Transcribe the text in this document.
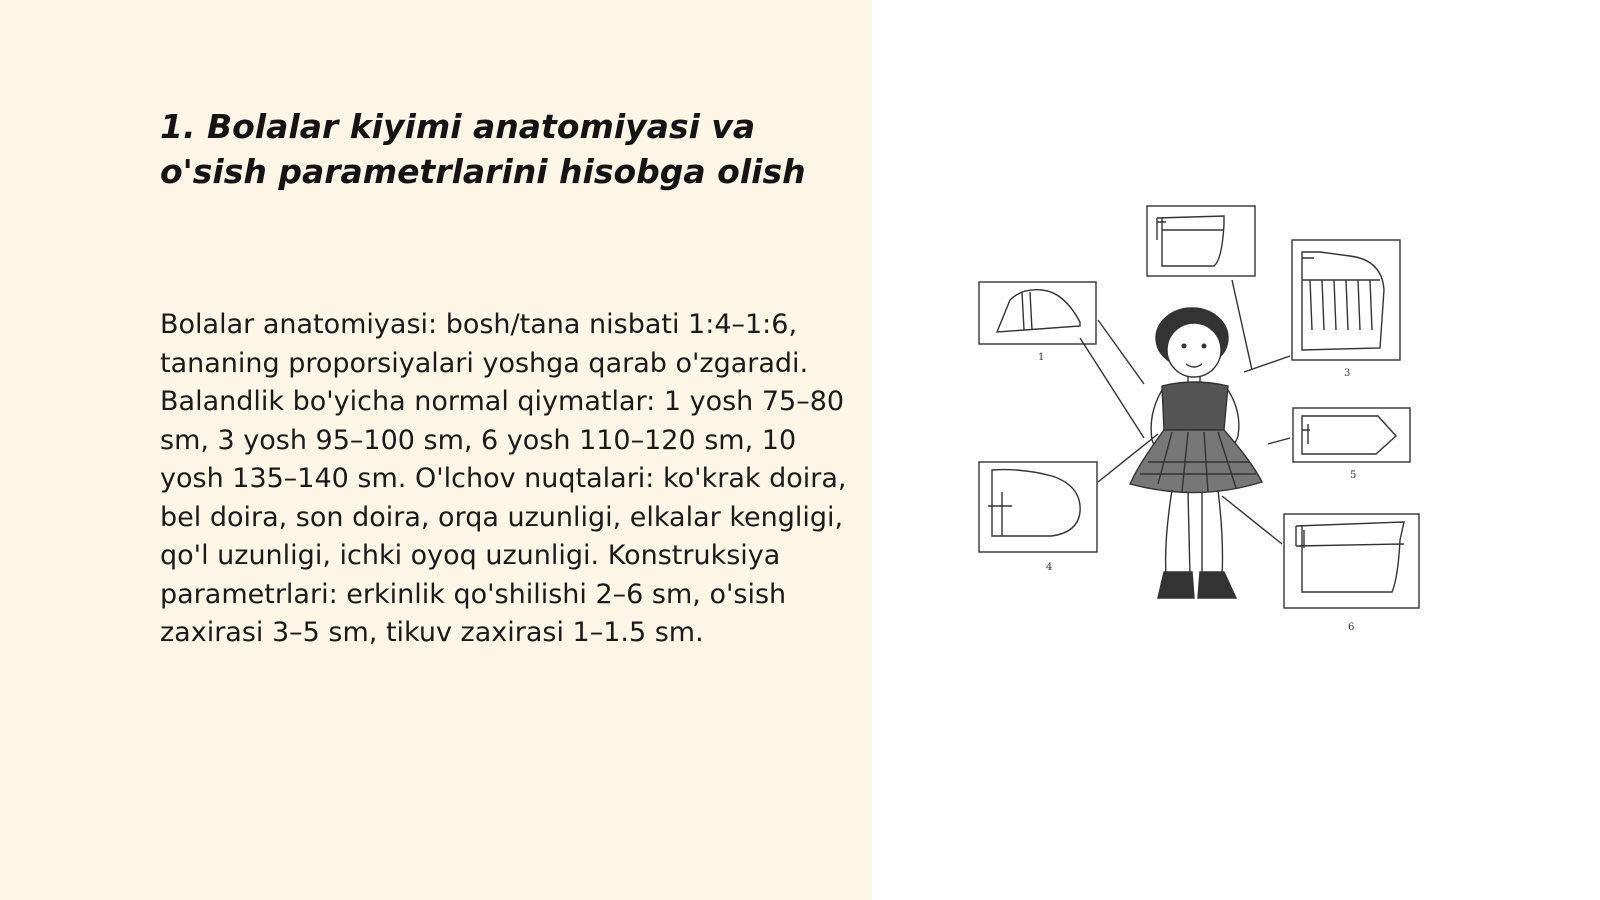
1. Bolalar kiyimi anatomiyasi va o'sish parametrlarini hisobga olish

Bolalar anatomiyasi: bosh/tana nisbati 1:4–1:6, tananing proporsiyalari yoshga qarab o'zgaradi. Balandlik bo'yicha normal qiymatlar: 1 yosh 75–80 sm, 3 yosh 95–100 sm, 6 yosh 110–120 sm, 10 yosh 135–140 sm. O'lchov nuqtalari: ko'krak doira, bel doira, son doira, orqa uzunligi, elkalar kengligi, qo'l uzunligi, ichki oyoq uzunligi. Konstruksiya parametrlari: erkinlik qo'shilishi 2–6 sm, o'sish zaxirasi 3–5 sm, tikuv zaxirasi 1–1.5 sm.

1
3
5
4
6
